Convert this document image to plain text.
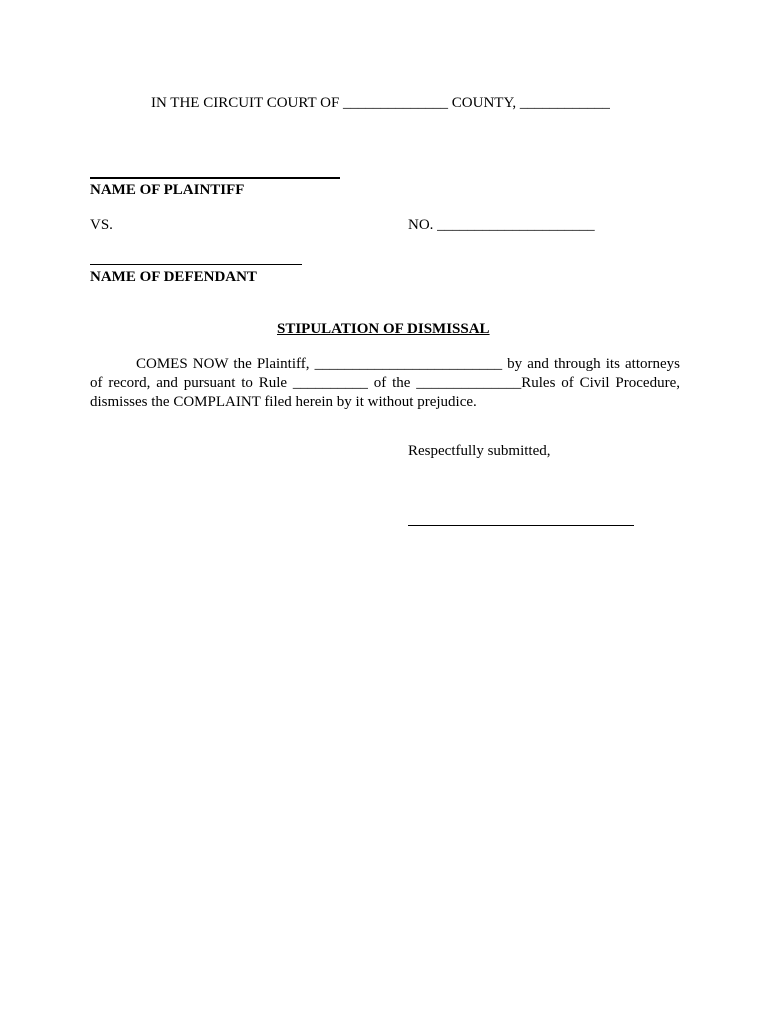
IN THE CIRCUIT COURT OF ______________ COUNTY, ____________
NAME OF PLAINTIFF
VS.	NO. _____________________
NAME OF DEFENDANT
STIPULATION OF DISMISSAL
COMES NOW the Plaintiff, _________________________ by and through its attorneys
of record, and pursuant to Rule __________ of the ______________Rules of Civil Procedure,
dismisses the COMPLAINT filed herein by it without prejudice.
Respectfully submitted,
